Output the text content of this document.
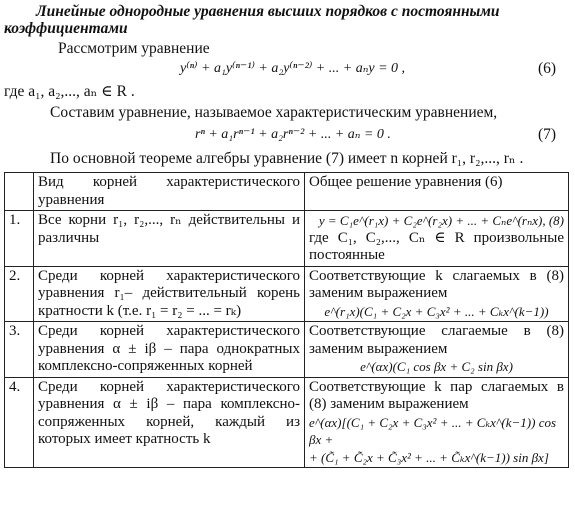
Линейные однородные уравнения высших порядков с постоянными
коэффициентами
Рассмотрим уравнение
y⁽ⁿ⁾ + a₁y⁽ⁿ⁻¹⁾ + a₂y⁽ⁿ⁻²⁾ + ... + aₙy = 0 ,	(6)
где a₁, a₂,..., aₙ ∈ R .
Составим уравнение, называемое характеристическим уравнением,
rⁿ + a₁rⁿ⁻¹ + a₂rⁿ⁻² + ... + aₙ = 0 .	(7)
По основной теореме алгебры уравнение (7) имеет n корней r₁, r₂,..., rₙ .
	Вид корней характеристического уравнения	Общее решение уравнения (6)
1.	Все корни r₁, r₂,..., rₙ действительны и различны	y = C₁e^(r₁x) + C₂e^(r₂x) + ... + Cₙe^(rₙx), (8)
где C₁, C₂,..., Cₙ ∈ R произвольные постоянные
2.	Среди корней характеристического уравнения r₁– действительный корень кратности k (т.е. r₁ = r₂ = ... = rₖ)	Соответствующие k слагаемых в (8) заменим выражением
e^(r₁x)(C₁ + C₂x + C₃x² + ... + Cₖx^(k−1))

3.	Среди корней характеристического уравнения α ± iβ – пара однократных комплексно-сопряженных корней	Соответствующие слагаемые в (8) заменим выражением
e^(αx)(C₁ cos βx + C₂ sin βx)

4.	Среди корней характеристического уравнения α ± iβ – пара комплексно-сопряженных корней, каждый из которых имеет кратность k	Соответствующие k пар слагаемых в (8) заменим выражением
e^(αx)[(C₁ + C₂x + C₃x² + ... + Cₖx^(k−1)) cos βx +
+ (C̃₁ + C̃₂x + C̃₃x² + ... + C̃ₖx^(k−1)) sin βx]
